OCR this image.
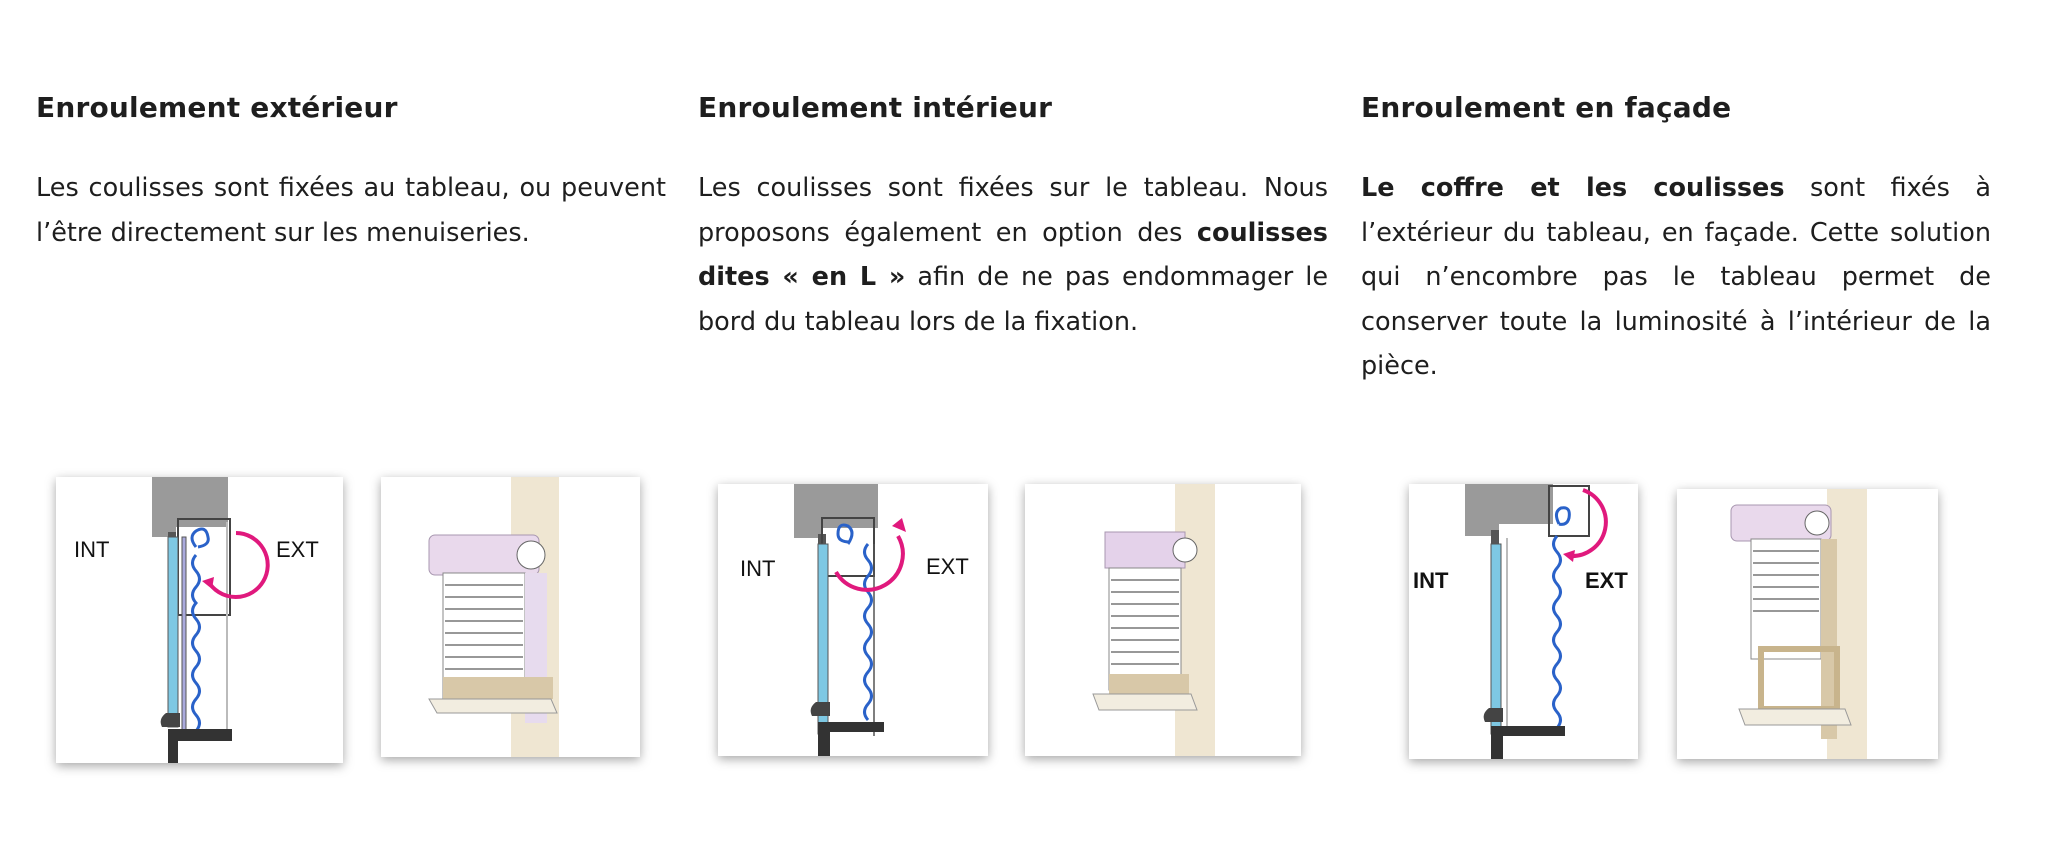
Enroulement extérieur

Les coulisses sont fixées au tableau, ou peuvent l’être directement sur les menuiseries.

Enroulement intérieur

Les coulisses sont fixées sur le tableau. Nous proposons également en option des coulisses dites « en L » afin de ne pas endommager le bord du tableau lors de la fixation.

Enroulement en façade

Le coffre et les coulisses sont fixés à l’extérieur du tableau, en façade. Cette solution qui n’encombre pas le tableau permet de conserver toute la luminosité à l’intérieur de la pièce.

INT	EXT
INT	EXT
INT	EXT
